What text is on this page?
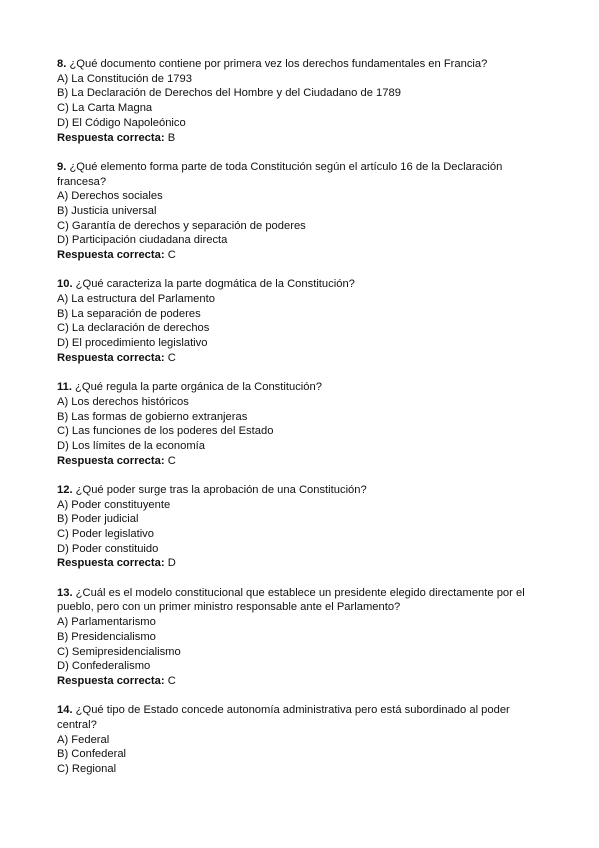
8. ¿Qué documento contiene por primera vez los derechos fundamentales en Francia?

A) La Constitución de 1793

B) La Declaración de Derechos del Hombre y del Ciudadano de 1789

C) La Carta Magna

D) El Código Napoleónico

Respuesta correcta: B

9. ¿Qué elemento forma parte de toda Constitución según el artículo 16 de la Declaración francesa?

A) Derechos sociales

B) Justicia universal

C) Garantía de derechos y separación de poderes

D) Participación ciudadana directa

Respuesta correcta: C

10. ¿Qué caracteriza la parte dogmática de la Constitución?

A) La estructura del Parlamento

B) La separación de poderes

C) La declaración de derechos

D) El procedimiento legislativo

Respuesta correcta: C

11. ¿Qué regula la parte orgánica de la Constitución?

A) Los derechos históricos

B) Las formas de gobierno extranjeras

C) Las funciones de los poderes del Estado

D) Los límites de la economía

Respuesta correcta: C

12. ¿Qué poder surge tras la aprobación de una Constitución?

A) Poder constituyente

B) Poder judicial

C) Poder legislativo

D) Poder constituido

Respuesta correcta: D

13. ¿Cuál es el modelo constitucional que establece un presidente elegido directamente por el pueblo, pero con un primer ministro responsable ante el Parlamento?

A) Parlamentarismo

B) Presidencialismo

C) Semipresidencialismo

D) Confederalismo

Respuesta correcta: C

14. ¿Qué tipo de Estado concede autonomía administrativa pero está subordinado al poder central?

A) Federal

B) Confederal

C) Regional
